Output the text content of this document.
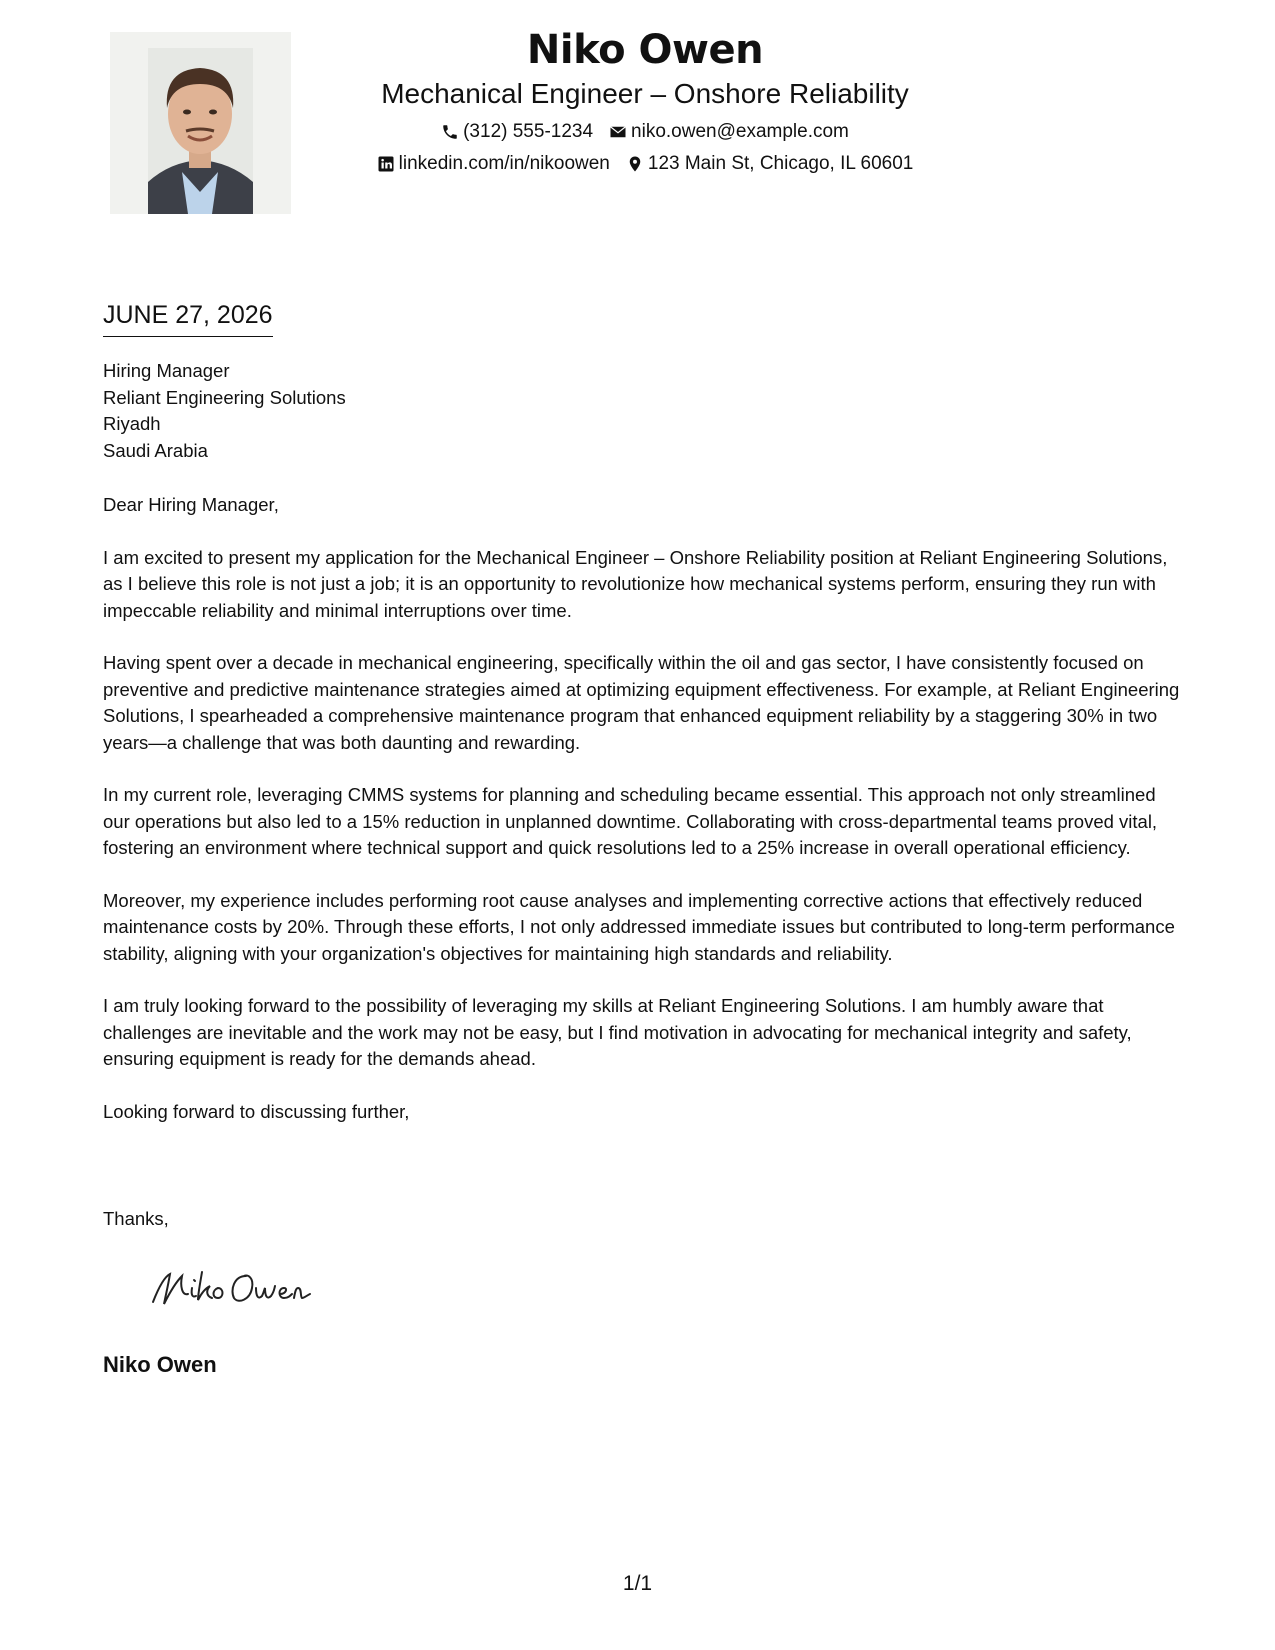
Niko Owen
Mechanical Engineer – Onshore Reliability
(312) 555-1234 niko.owen@example.com
linkedin.com/in/nikoowen 123 Main St, Chicago, IL 60601
JUNE 27, 2026
Hiring Manager
Reliant Engineering Solutions
Riyadh
Saudi Arabia

Dear Hiring Manager,

I am excited to present my application for the Mechanical Engineer – Onshore Reliability position at Reliant Engineering Solutions, as I believe this role is not just a job; it is an opportunity to revolutionize how mechanical systems perform, ensuring they run with impeccable reliability and minimal interruptions over time.

Having spent over a decade in mechanical engineering, specifically within the oil and gas sector, I have consistently focused on preventive and predictive maintenance strategies aimed at optimizing equipment effectiveness. For example, at Reliant Engineering Solutions, I spearheaded a comprehensive maintenance program that enhanced equipment reliability by a staggering 30% in two years—a challenge that was both daunting and rewarding.

In my current role, leveraging CMMS systems for planning and scheduling became essential. This approach not only streamlined our operations but also led to a 15% reduction in unplanned downtime. Collaborating with cross-departmental teams proved vital, fostering an environment where technical support and quick resolutions led to a 25% increase in overall operational efficiency.

Moreover, my experience includes performing root cause analyses and implementing corrective actions that effectively reduced maintenance costs by 20%. Through these efforts, I not only addressed immediate issues but contributed to long-term performance stability, aligning with your organization's objectives for maintaining high standards and reliability.

I am truly looking forward to the possibility of leveraging my skills at Reliant Engineering Solutions. I am humbly aware that challenges are inevitable and the work may not be easy, but I find motivation in advocating for mechanical integrity and safety, ensuring equipment is ready for the demands ahead.

Looking forward to discussing further,

Thanks,
Niko Owen
1/1
